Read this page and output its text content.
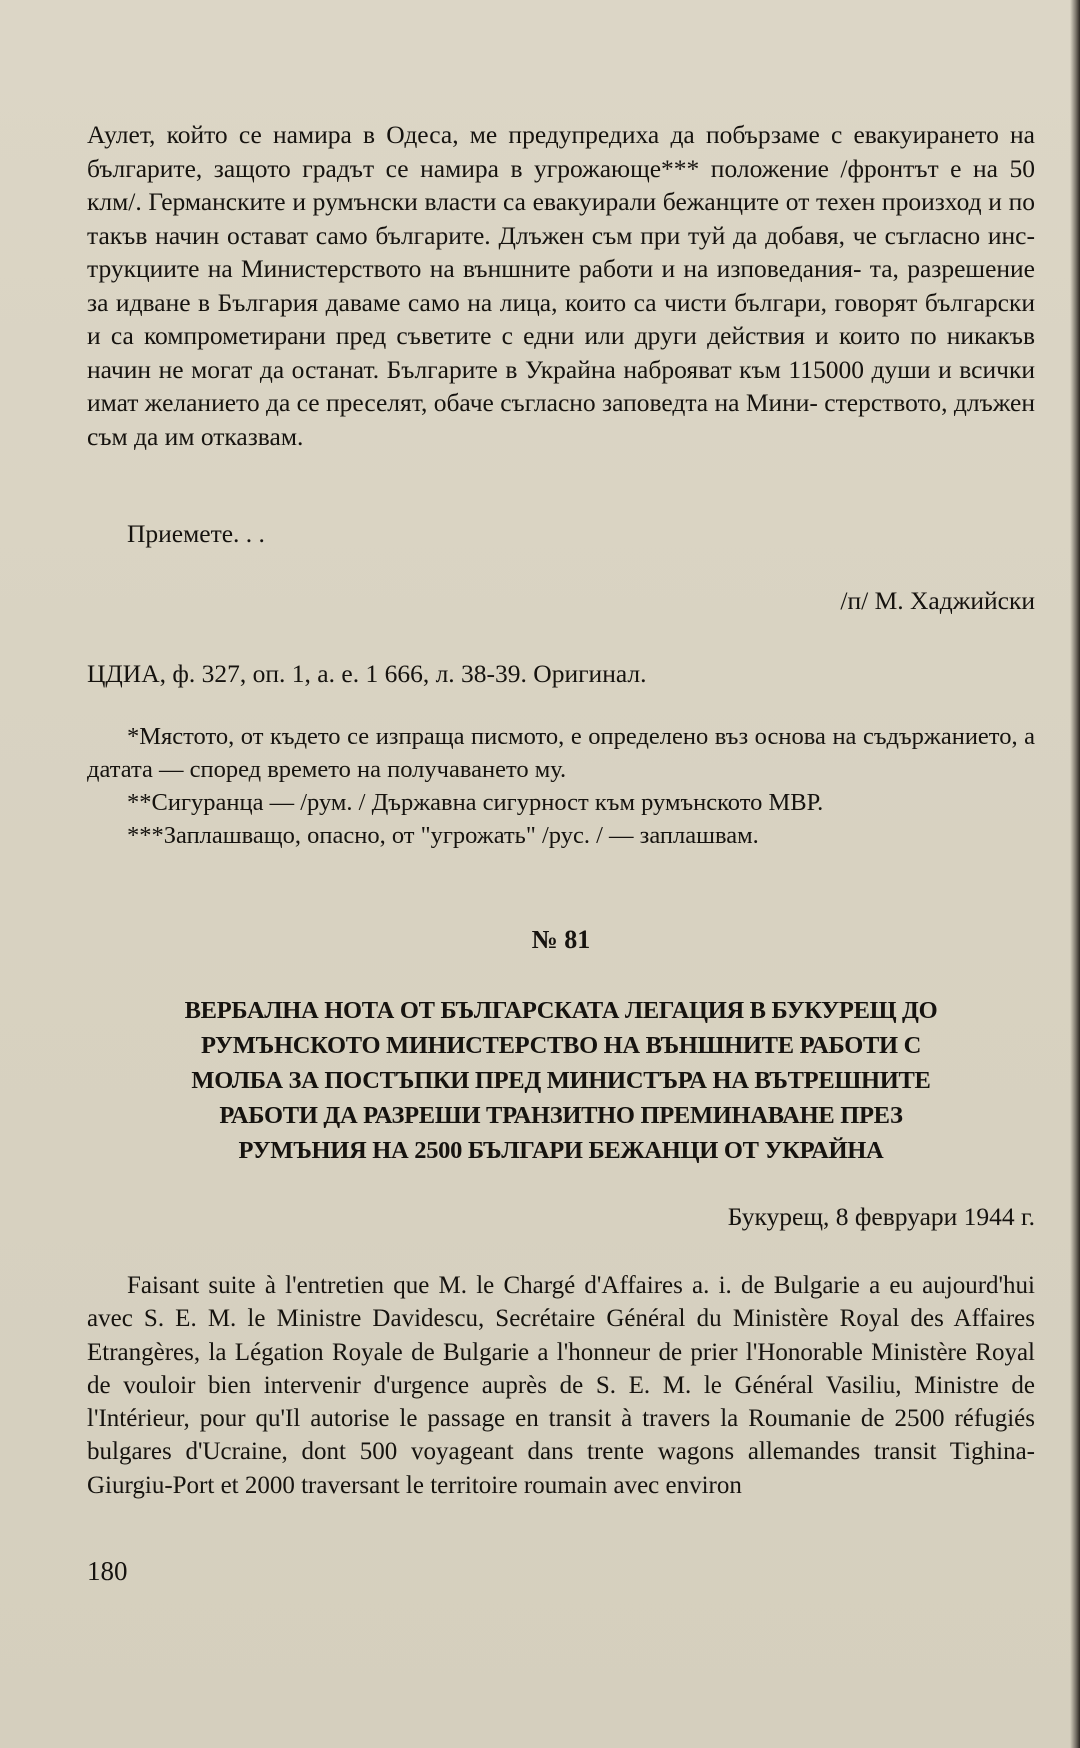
Аулет, който се намира в Одеса, ме предупредиха да побързаме с евакуирането на българите, защото градът се намира в угрожающе*** положение /фронтът е на 50 клм/. Германските и румънски власти са евакуирали бежанците от техен произход и по такъв начин остават само българите. Длъжен съм при туй да добавя, че съгласно инс- трукциите на Министерството на външните работи и на изповедания- та, разрешение за идване в България даваме само на лица, които са чисти българи, говорят български и са компрометирани пред съветите с едни или други действия и които по никакъв начин не могат да останат. Българите в Украйна наброяват към 115000 души и всички имат желанието да се преселят, обаче съгласно заповедта на Мини- стерството, длъжен съм да им отказвам.

Приемете. . .
/п/ М. Хаджийски
ЦДИА, ф. 327, оп. 1, а. е. 1 666, л. 38-39. Оригинал.

*Мястото, от където се изпраща писмото, е определено въз основа на съдържанието, а датата — според времето на получаването му.

**Сигуранца — /рум. / Държавна сигурност към румънското МВР.

***Заплашващо, опасно, от "угрожать" /рус. / — заплашвам.

№ 81
ВЕРБАЛНА НОТА ОТ БЪЛГАРСКАТА ЛЕГАЦИЯ В БУКУРЕЩ ДО
РУМЪНСКОТО МИНИСТЕРСТВО НА ВЪНШНИТЕ РАБОТИ С
МОЛБА ЗА ПОСТЪПКИ ПРЕД МИНИСТЪРА НА ВЪТРЕШНИТЕ
РАБОТИ ДА РАЗРЕШИ ТРАНЗИТНО ПРЕМИНАВАНЕ ПРЕЗ
РУМЪНИЯ НА 2500 БЪЛГАРИ БЕЖАНЦИ ОТ УКРАЙНА
Букурещ, 8 февруари 1944 г.

Faisant suite à l'entretien que M. le Chargé d'Affaires a. i. de Bulgarie a eu aujourd'hui avec S. E. M. le Ministre Davidescu, Secrétaire Général du Ministère Royal des Affaires Etrangères, la Légation Royale de Bulgarie a l'honneur de prier l'Honorable Ministère Royal de vouloir bien intervenir d'urgence auprès de S. E. M. le Général Vasiliu, Ministre de l'Intérieur, pour qu'Il autorise le passage en transit à travers la Roumanie de 2500 réfugiés bulgares d'Ucraine, dont 500 voyageant dans trente wagons allemandes transit Tighina-Giurgiu-Port et 2000 traversant le territoire roumain avec environ

180
